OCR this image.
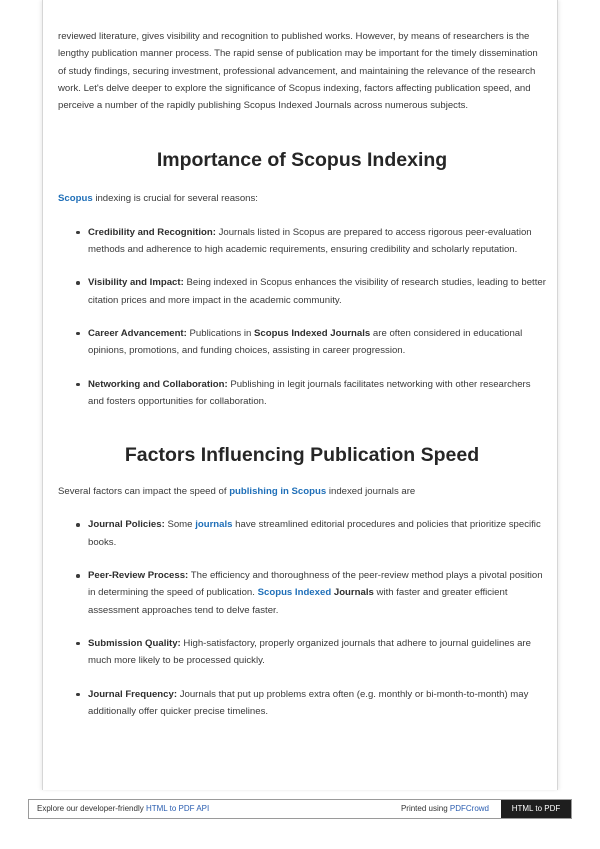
reviewed literature, gives visibility and recognition to published works. However, by means of researchers is the lengthy publication manner process. The rapid sense of publication may be important for the timely dissemination of study findings, securing investment, professional advancement, and maintaining the relevance of the research work. Let's delve deeper to explore the significance of Scopus indexing, factors affecting publication speed, and perceive a number of the rapidly publishing Scopus Indexed Journals across numerous subjects.

Importance of Scopus Indexing

Scopus indexing is crucial for several reasons:

Credibility and Recognition: Journals listed in Scopus are prepared to access rigorous peer-evaluation methods and adherence to high academic requirements, ensuring credibility and scholarly reputation.
Visibility and Impact: Being indexed in Scopus enhances the visibility of research studies, leading to better citation prices and more impact in the academic community.
Career Advancement: Publications in Scopus Indexed Journals are often considered in educational opinions, promotions, and funding choices, assisting in career progression.
Networking and Collaboration: Publishing in legit journals facilitates networking with other researchers and fosters opportunities for collaboration.
Factors Influencing Publication Speed

Several factors can impact the speed of publishing in Scopus indexed journals are

Journal Policies: Some journals have streamlined editorial procedures and policies that prioritize specific books.
Peer-Review Process: The efficiency and thoroughness of the peer-review method plays a pivotal position in determining the speed of publication. Scopus Indexed Journals with faster and greater efficient assessment approaches tend to delve faster.
Submission Quality: High-satisfactory, properly organized journals that adhere to journal guidelines are much more likely to be processed quickly.
Journal Frequency: Journals that put up problems extra often (e.g. monthly or bi-month-to-month) may additionally offer quicker precise timelines.
Explore our developer-friendly HTML to PDF API	Printed using PDFCrowd	HTML to PDF
